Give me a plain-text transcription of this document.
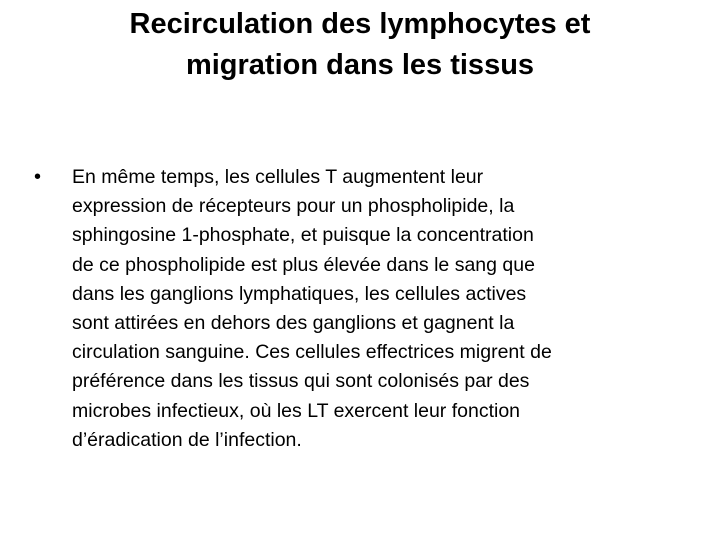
Recirculation des lymphocytes et
migration dans les tissus
•	En même temps, les cellules T augmentent leur
expression de récepteurs pour un phospholipide, la
sphingosine 1-phosphate, et puisque la concentration
de ce phospholipide est plus élevée dans le sang que
dans les ganglions lymphatiques, les cellules actives
sont attirées en dehors des ganglions et gagnent la
circulation sanguine. Ces cellules effectrices migrent de
préférence dans les tissus qui sont colonisés par des
microbes infectieux, où les LT exercent leur fonction
d’éradication de l’infection.
